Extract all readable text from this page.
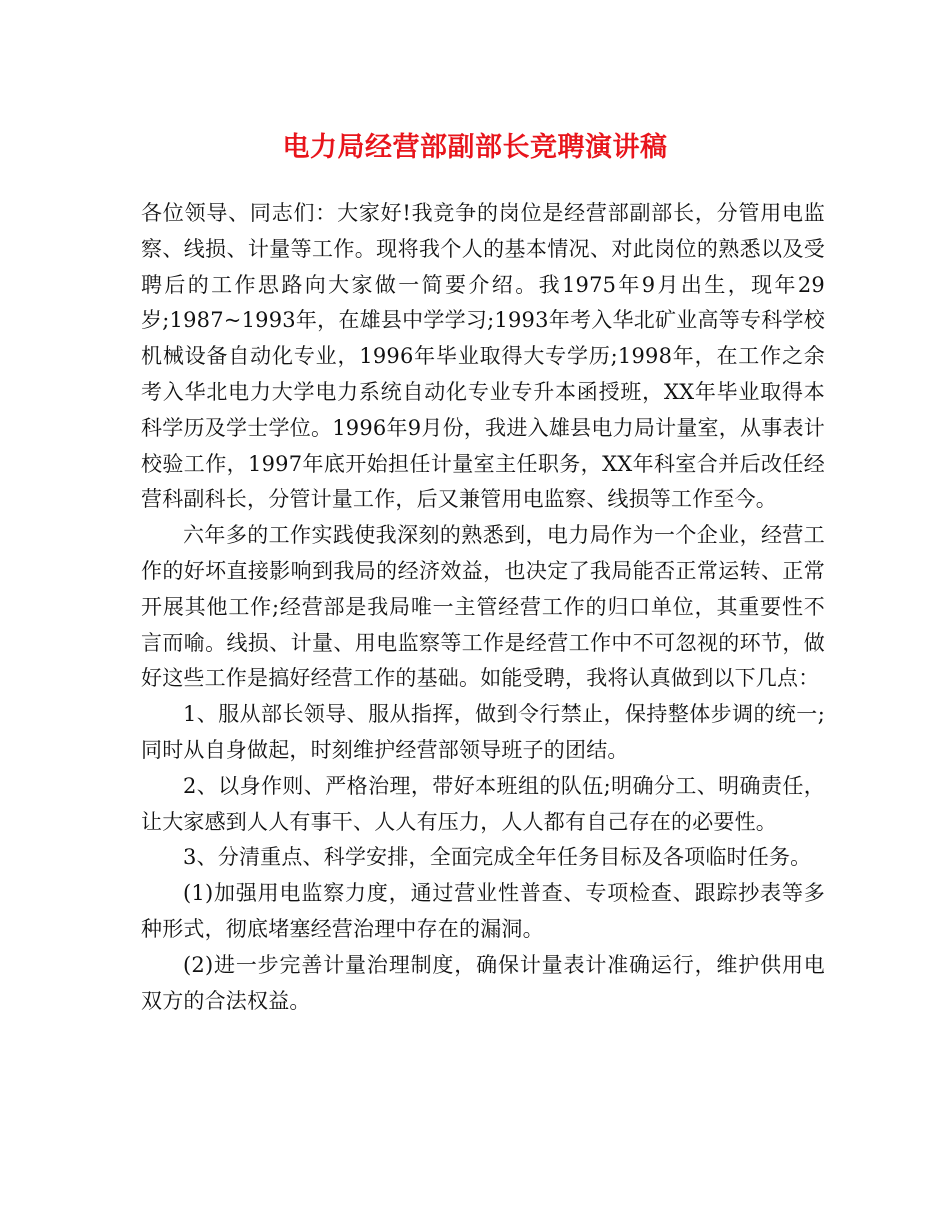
电力局经营部副部长竞聘演讲稿

各位领导、同志们：大家好!我竞争的岗位是经营部副部长，分管用电监察、线损、计量等工作。现将我个人的基本情况、对此岗位的熟悉以及受聘后的工作思路向大家做一简要介绍。我1975年9月出生，现年29岁;1987~1993年，在雄县中学学习;1993年考入华北矿业高等专科学校机械设备自动化专业，1996年毕业取得大专学历;1998年，在工作之余考入华北电力大学电力系统自动化专业专升本函授班，XX年毕业取得本科学历及学士学位。1996年9月份，我进入雄县电力局计量室，从事表计校验工作，1997年底开始担任计量室主任职务，XX年科室合并后改任经营科副科长，分管计量工作，后又兼管用电监察、线损等工作至今。

六年多的工作实践使我深刻的熟悉到，电力局作为一个企业，经营工作的好坏直接影响到我局的经济效益，也决定了我局能否正常运转、正常开展其他工作;经营部是我局唯一主管经营工作的归口单位，其重要性不言而喻。线损、计量、用电监察等工作是经营工作中不可忽视的环节，做好这些工作是搞好经营工作的基础。如能受聘，我将认真做到以下几点：

1、服从部长领导、服从指挥，做到令行禁止，保持整体步调的统一;同时从自身做起，时刻维护经营部领导班子的团结。

2、以身作则、严格治理，带好本班组的队伍;明确分工、明确责任，让大家感到人人有事干、人人有压力，人人都有自己存在的必要性。

3、分清重点、科学安排，全面完成全年任务目标及各项临时任务。

(1)加强用电监察力度，通过营业性普查、专项检查、跟踪抄表等多种形式，彻底堵塞经营治理中存在的漏洞。

(2)进一步完善计量治理制度，确保计量表计准确运行，维护供用电双方的合法权益。
